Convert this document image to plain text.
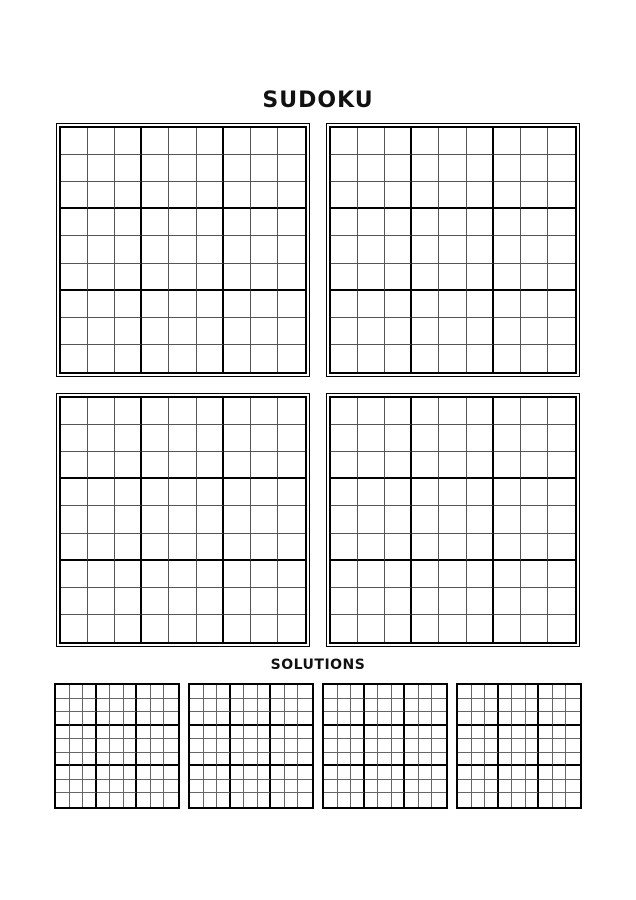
SUDOKU

SOLUTIONS
